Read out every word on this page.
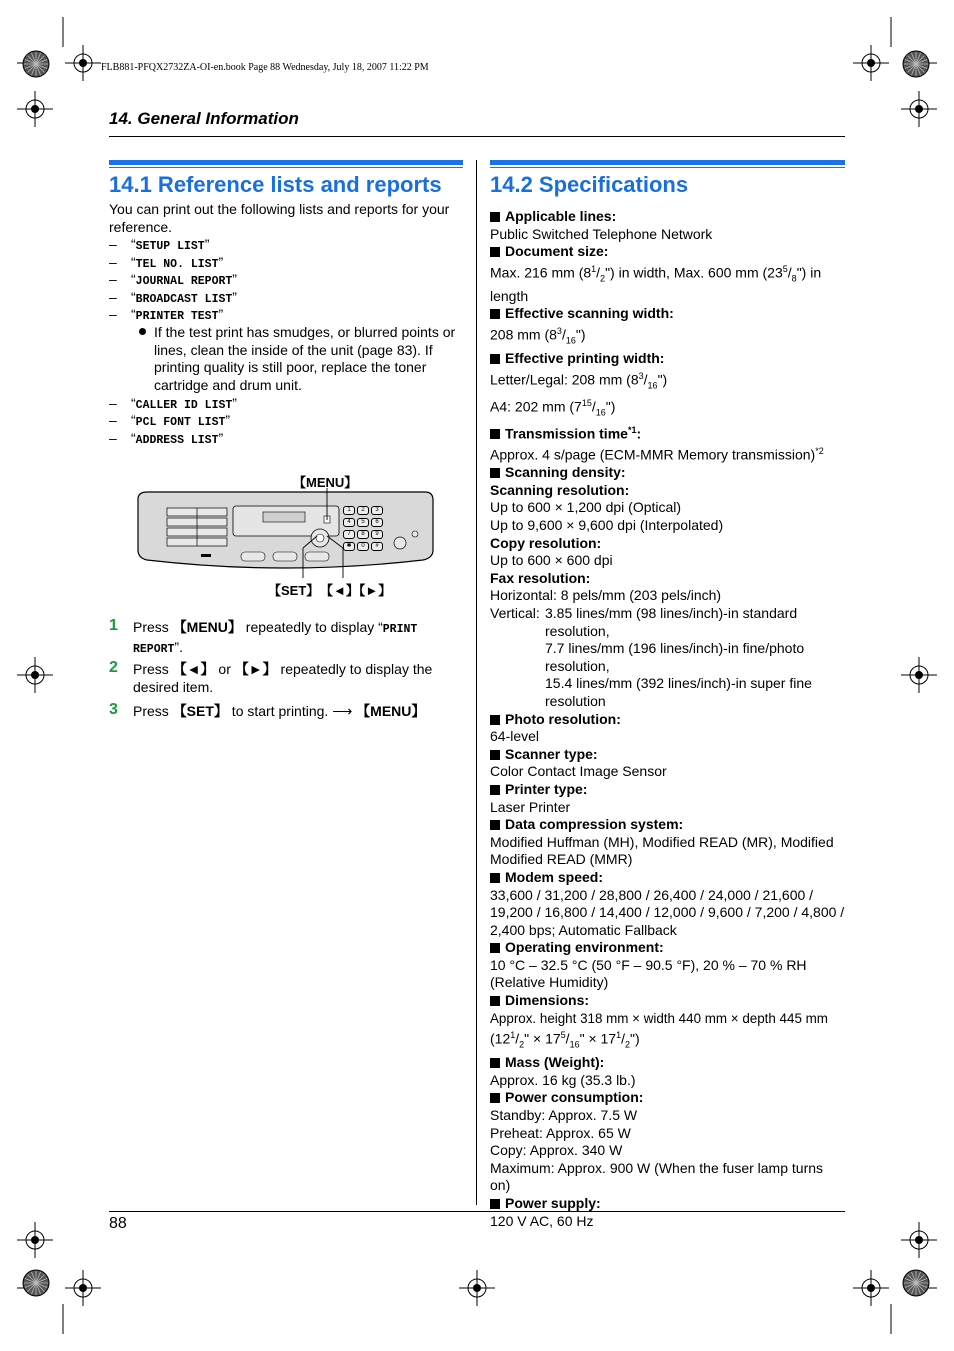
FLB881-PFQX2732ZA-OI-en.book Page 88 Wednesday, July 18, 2007 11:22 PM
14. General Information
14.1 Reference lists and reports
You can print out the following lists and reports for your reference.
– “SETUP LIST”
– “TEL NO. LIST”
– “JOURNAL REPORT”
– “BROADCAST LIST”
– “PRINTER TEST”
If the test print has smudges, or blurred points or lines, clean the inside of the unit (page 83). If printing quality is still poor, replace the toner cartridge and drum unit.
– “CALLER ID LIST”
– “PCL FONT LIST”
– “ADDRESS LIST”
【MENU】
1	2	3
4	5	6
7	8	9
✱	0	#
【SET】 【◄】【►】
1 Press 【MENU】 repeatedly to display “PRINT REPORT”.
2 Press 【◄】 or 【►】 repeatedly to display the desired item.
3 Press 【SET】 to start printing. ⟶ 【MENU】
14.2 Specifications
Applicable lines:
Public Switched Telephone Network
Document size:
Max. 216 mm $(8^1/_2")$ in width, Max. 600 mm $(23^5/_8")$ in length
Effective scanning width:
208 mm $(8^3/_{16}")$
Effective printing width:
Letter/Legal: 208 mm $(8^3/_{16}")$
A4: 202 mm $(7^{15}/_{16}")$
Transmission time$^{*1}$:
Approx. 4 s/page (ECM-MMR Memory transmission)$^{*2}$
Scanning density:
Scanning resolution:
Up to 600 × 1,200 dpi (Optical)
Up to 9,600 × 9,600 dpi (Interpolated)
Copy resolution:
Up to 600 × 600 dpi
Fax resolution:
Horizontal: 8 pels/mm (203 pels/inch)
Vertical: 3.85 lines/mm (98 lines/inch)-in standard resolution,
7.7 lines/mm (196 lines/inch)-in fine/photo resolution,
15.4 lines/mm (392 lines/inch)-in super fine resolution
Photo resolution:
64-level
Scanner type:
Color Contact Image Sensor
Printer type:
Laser Printer
Data compression system:
Modified Huffman (MH), Modified READ (MR), Modified Modified READ (MMR)
Modem speed:
33,600 / 31,200 / 28,800 / 26,400 / 24,000 / 21,600 / 19,200 / 16,800 / 14,400 / 12,000 / 9,600 / 7,200 / 4,800 / 2,400 bps; Automatic Fallback
Operating environment:
10 °C – 32.5 °C (50 °F – 90.5 °F), 20 % – 70 % RH (Relative Humidity)
Dimensions:
Approx. height 318 mm × width 440 mm × depth 445 mm
($12^1/_2$" × $17^5/_{16}$" × $17^1/_2$")
Mass (Weight):
Approx. 16 kg (35.3 lb.)
Power consumption:
Standby: Approx. 7.5 W
Preheat: Approx. 65 W
Copy: Approx. 340 W
Maximum: Approx. 900 W (When the fuser lamp turns on)
Power supply:
120 V AC, 60 Hz
88
